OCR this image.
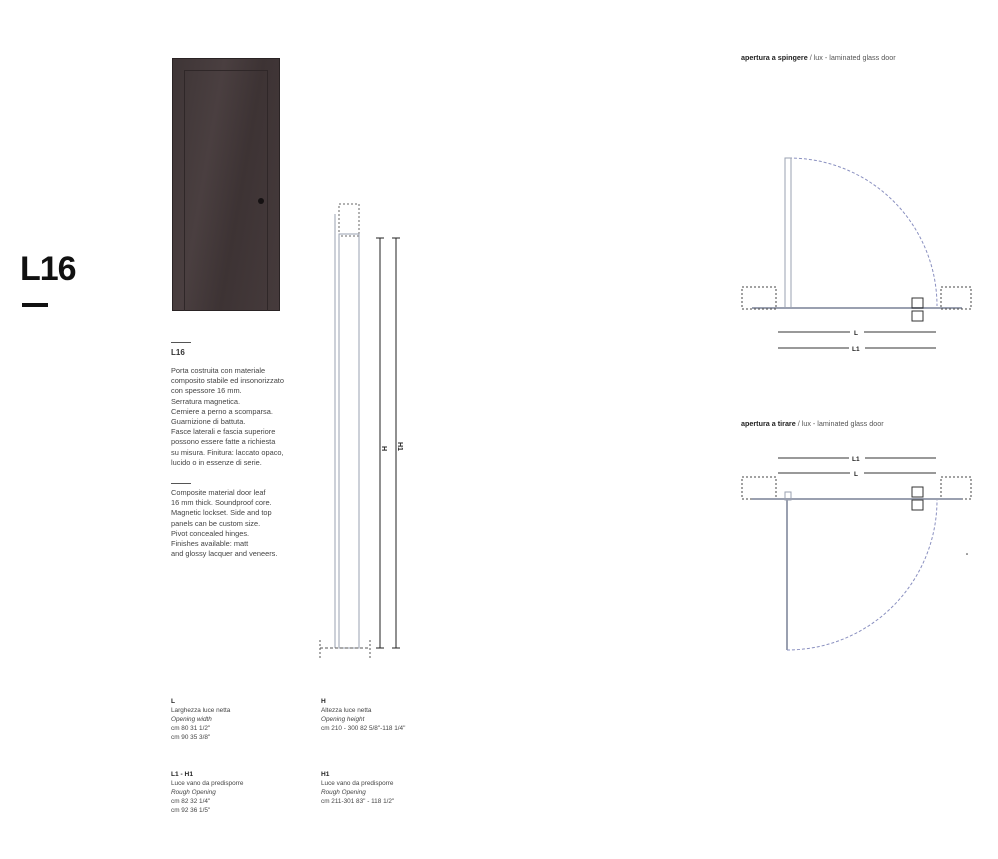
L16
L16
Porta costruita con materiale
composito stabile ed insonorizzato
con spessore 16 mm.
Serratura magnetica.
Cerniere a perno a scomparsa.
Guarnizione di battuta.
Fasce laterali e fascia superiore
possono essere fatte a richiesta
su misura. Finitura: laccato opaco,
lucido o in essenze di serie.
Composite material door leaf
16 mm thick. Soundproof core.
Magnetic lockset. Side and top
panels can be custom size.
Pivot concealed hinges.
Finishes available: matt
and glossy lacquer and veneers.
H H1
L
L1
L1
L
apertura a spingere / lux - laminated glass door
apertura a tirare / lux - laminated glass door
L
Larghezza luce netta
Opening width
cm 80 31 1/2"
cm 90 35 3/8"
H
Altezza luce netta
Opening height
cm 210 - 300 82 5/8"-118 1/4"
L1 - H1
Luce vano da predisporre
Rough Opening
cm 82 32 1/4"
cm 92 36 1/5"
H1
Luce vano da predisporre
Rough Opening
cm 211-301 83" - 118 1/2"
